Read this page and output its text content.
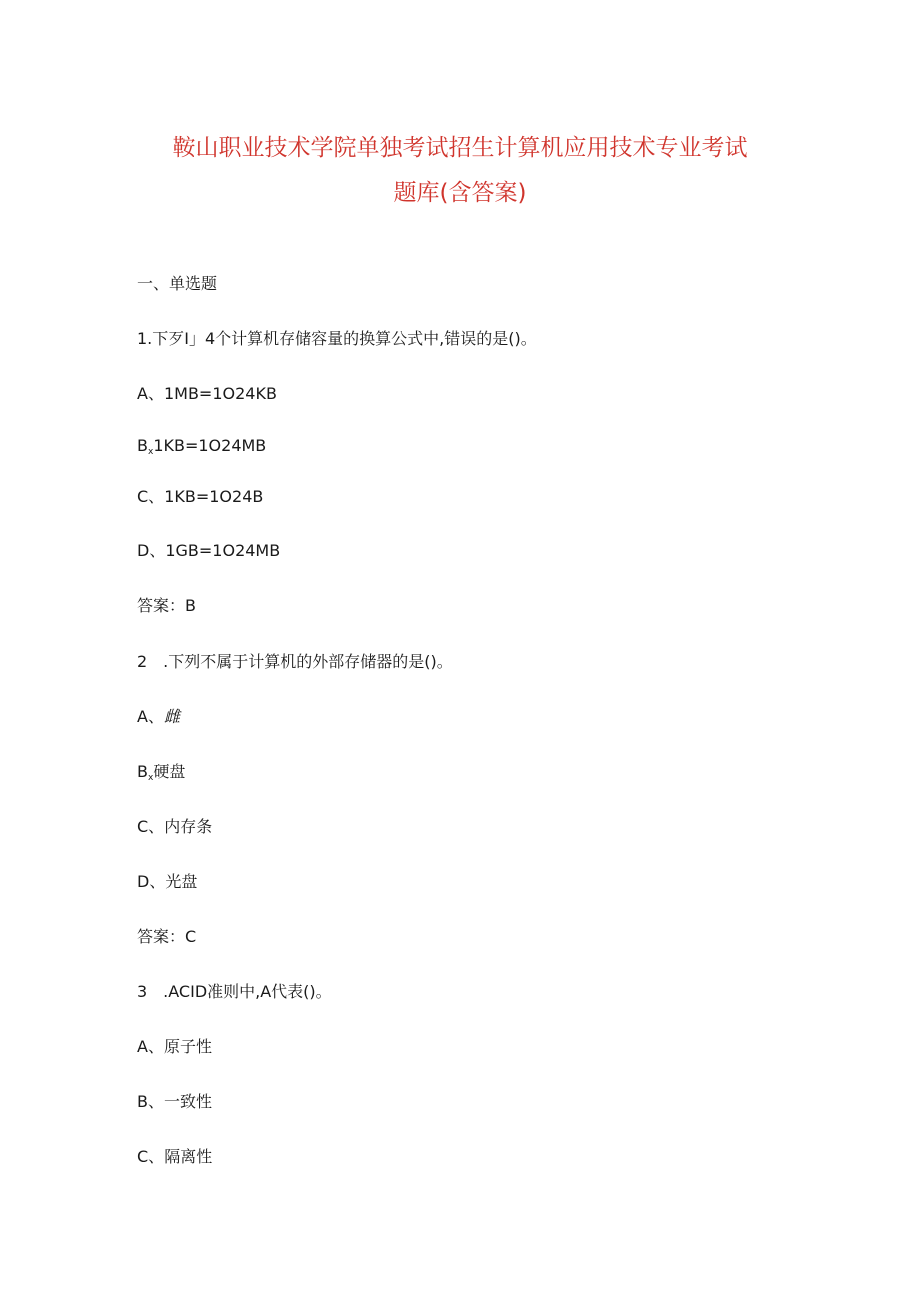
鞍山职业技术学院单独考试招生计算机应用技术专业考试
题库(含答案)
一、单选题
1.下歹I」4个计算机存储容量的换算公式中,错误的是()。
A、1MB=1O24KB
$B_x1KB=1O24MB$
C、1KB=1O24B
D、1GB=1O24MB
答案：B
2　.下列不属于计算机的外部存储器的是()。
A、雌
$B_x$硬盘
C、内存条
D、光盘
答案：C
3　.ACID准则中,A代表()。
A、原子性
B、一致性
C、隔离性
